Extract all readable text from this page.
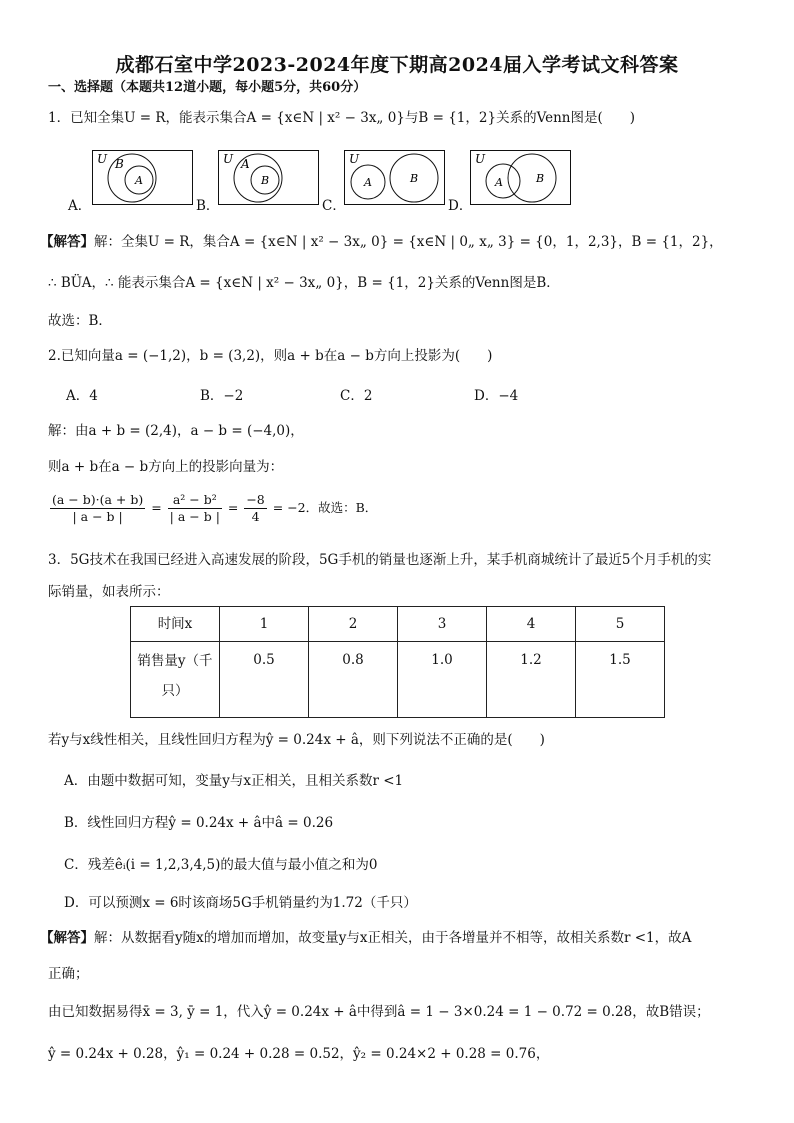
成都石室中学2023-2024年度下期高2024届入学考试文科答案
一、选择题（本题共12道小题，每小题5分，共60分）
1．已知全集U = R，能表示集合A = {x∈N | x² − 3x„ 0}与B = {1，2}关系的Venn图是(　　)
U B
A
U A
B
U
A	B
U
A	B
A．	B．	C．	D．
【解答】解：全集U = R，集合A = {x∈N | x² − 3x„ 0} = {x∈N | 0„ x„ 3} = {0，1，2,3}，B = {1，2}，
∴ BÜA，∴ 能表示集合A = {x∈N | x² − 3x„ 0}，B = {1，2}关系的Venn图是B．
故选：B．
2.已知向量a = (−1,2)，b = (3,2)，则a + b在a − b方向上投影为(　　)
A．4	B．−2	C．2	D．−4
解：由a + b = (2,4)，a − b = (−4,0)，
则a + b在a − b方向上的投影向量为：
$\frac{(a - b)\cdot(a + b)}{| a - b |} = \frac{\text{a² − b²}}{| a - b |} = \frac{-8}{4} = -2$．故选：B．
3．5G技术在我国已经进入高速发展的阶段，5G手机的销量也逐渐上升，某手机商城统计了最近5个月手机的实
际销量，如表所示：
时间x	1	2	3	4	5
销售量y（千
只）	0.5	0.8	1.0	1.2	1.5
若y与x线性相关，且线性回归方程为ŷ = 0.24x + â，则下列说法不正确的是(　　)
A．由题中数据可知，变量y与x正相关，且相关系数r <1
B．线性回归方程ŷ = 0.24x + â中â = 0.26
C．残差êᵢ(i = 1,2,3,4,5)的最大值与最小值之和为0
D．可以预测x = 6时该商场5G手机销量约为1.72（千只）
【解答】解：从数据看y随x的增加而增加，故变量y与x正相关，由于各增量并不相等，故相关系数r <1，故A
正确；
由已知数据易得x̄ = 3, ȳ = 1，代入ŷ = 0.24x + â中得到â = 1 − 3×0.24 = 1 − 0.72 = 0.28，故B错误；
ŷ = 0.24x + 0.28，ŷ₁ = 0.24 + 0.28 = 0.52，ŷ₂ = 0.24×2 + 0.28 = 0.76，
